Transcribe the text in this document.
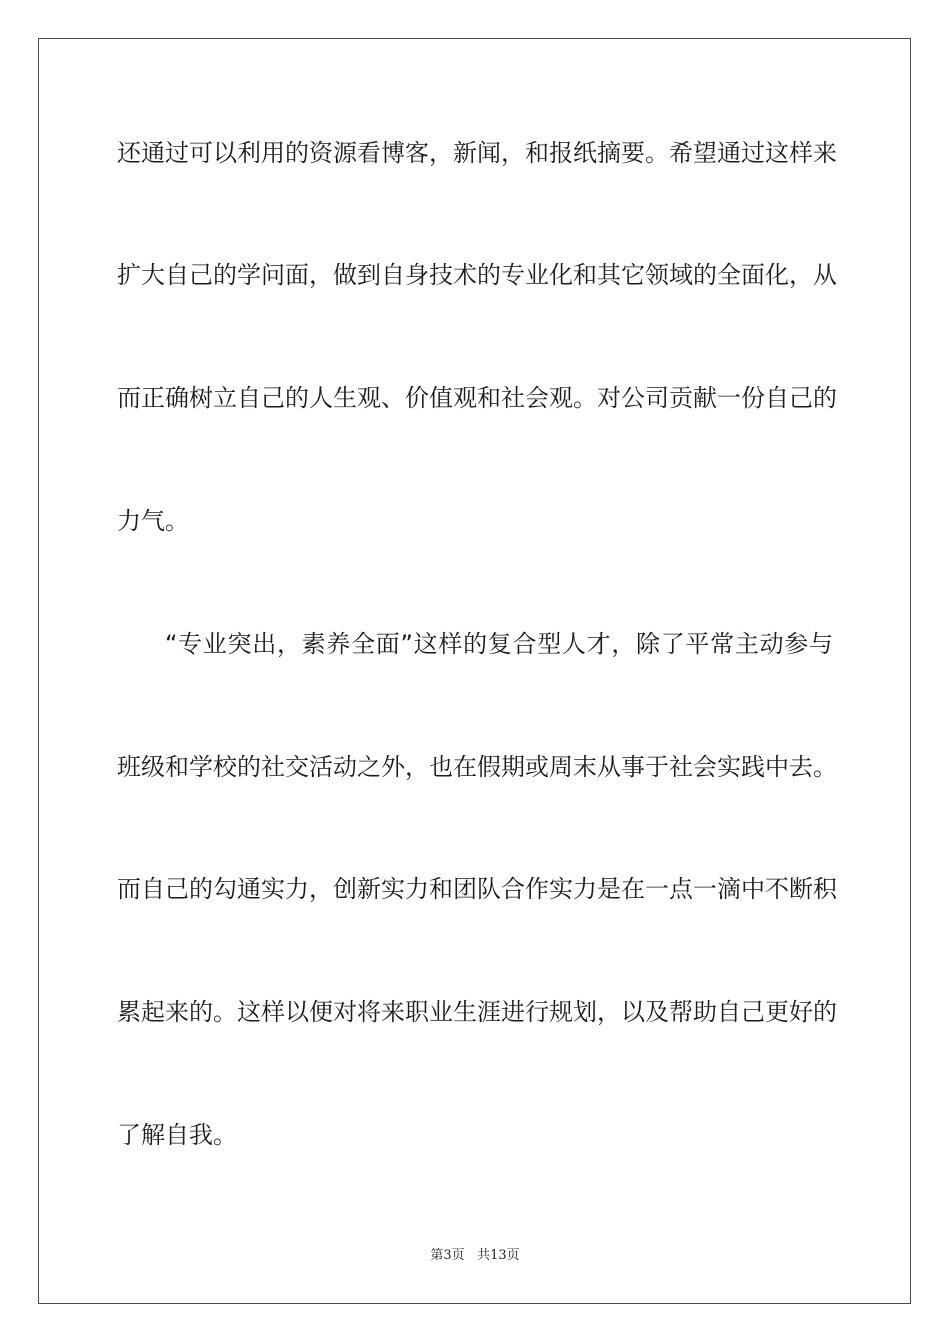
还通过可以利用的资源看博客，新闻，和报纸摘要。希望通过这样来
扩大自己的学问面，做到自身技术的专业化和其它领域的全面化，从
而正确树立自己的人生观、价值观和社会观。对公司贡献一份自己的
力气。
“专业突出，素养全面”这样的复合型人才，除了平常主动参与
班级和学校的社交活动之外，也在假期或周末从事于社会实践中去。
而自己的勾通实力，创新实力和团队合作实力是在一点一滴中不断积
累起来的。这样以便对将来职业生涯进行规划，以及帮助自己更好的
了解自我。
第3页 共13页
